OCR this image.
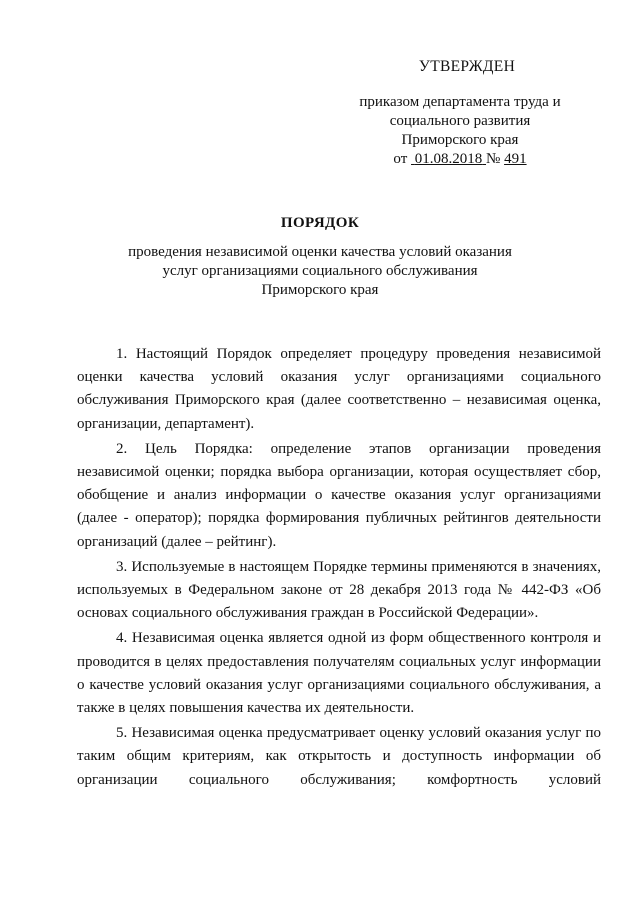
УТВЕРЖДЕН
приказом департамента труда и
социального развития
Приморского края
от 01.08.2018 № 491
ПОРЯДОК
проведения независимой оценки качества условий оказания
услуг организациями социального обслуживания
Приморского края

1. Настоящий Порядок определяет процедуру проведения независимой оценки качества условий оказания услуг организациями социального обслуживания Приморского края (далее соответственно – независимая оценка, организации, департамент).

2. Цель Порядка: определение этапов организации проведения независимой оценки; порядка выбора организации, которая осуществляет сбор, обобщение и анализ информации о качестве оказания услуг организациями (далее - оператор); порядка формирования публичных рейтингов деятельности организаций (далее – рейтинг).

3. Используемые в настоящем Порядке термины применяются в значениях, используемых в Федеральном законе от 28 декабря 2013 года № 442-ФЗ «Об основах социального обслуживания граждан в Российской Федерации».

4. Независимая оценка является одной из форм общественного контроля и проводится в целях предоставления получателям социальных услуг информации о качестве условий оказания услуг организациями социального обслуживания, а также в целях повышения качества их деятельности.

5. Независимая оценка предусматривает оценку условий оказания услуг по таким общим критериям, как открытость и доступность информации об организации социального обслуживания; комфортность условий
